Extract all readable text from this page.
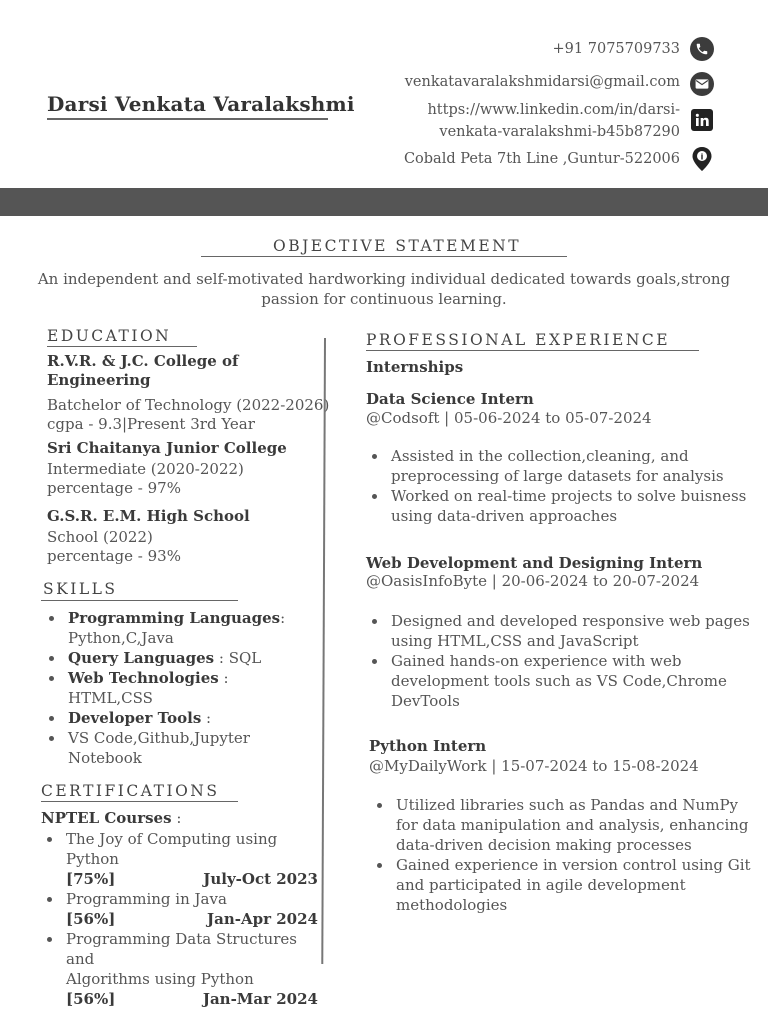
Darsi Venkata Varalakshmi
+91 7075709733
venkatavaralakshmidarsi@gmail.com
https://www.linkedin.com/in/darsi-
venkata-varalakshmi-b45b87290
Cobald Peta 7th Line ,Guntur-522006	i
OBJECTIVE STATEMENT
An independent and self-motivated hardworking individual dedicated towards goals,strong
passion for continuous learning.
EDUCATION
R.V.R. & J.C. College of
Engineering
Batchelor of Technology (2022-2026)
cgpa - 9.3|Present 3rd Year
Sri Chaitanya Junior College
Intermediate (2020-2022)
percentage - 97%
G.S.R. E.M. High School
School (2022)
percentage - 93%
SKILLS
Programming Languages:
Python,C,Java
Query Languages : SQL
Web Technologies :
HTML,CSS
Developer Tools :
VS Code,Github,Jupyter
Notebook
CERTIFICATIONS
NPTEL Courses :
The Joy of Computing using Python
[75%]	July-Oct 2023
Programming in Java
[56%]	Jan-Apr 2024
Programming Data Structures and
Algorithms using Python
[56%]	Jan-Mar 2024
PROFESSIONAL EXPERIENCE
Internships
Data Science Intern
@Codsoft | 05-06-2024 to 05-07-2024
Assisted in the collection,cleaning, and
preprocessing of large datasets for analysis
Worked on real-time projects to solve buisness
using data-driven approaches
Web Development and Designing Intern
@OasisInfoByte | 20-06-2024 to 20-07-2024
Designed and developed responsive web pages
using HTML,CSS and JavaScript
Gained hands-on experience with web
development tools such as VS Code,Chrome
DevTools
Python Intern
@MyDailyWork | 15-07-2024 to 15-08-2024
Utilized libraries such as Pandas and NumPy
for data manipulation and analysis, enhancing
data-driven decision making processes
Gained experience in version control using Git
and participated in agile development
methodologies
